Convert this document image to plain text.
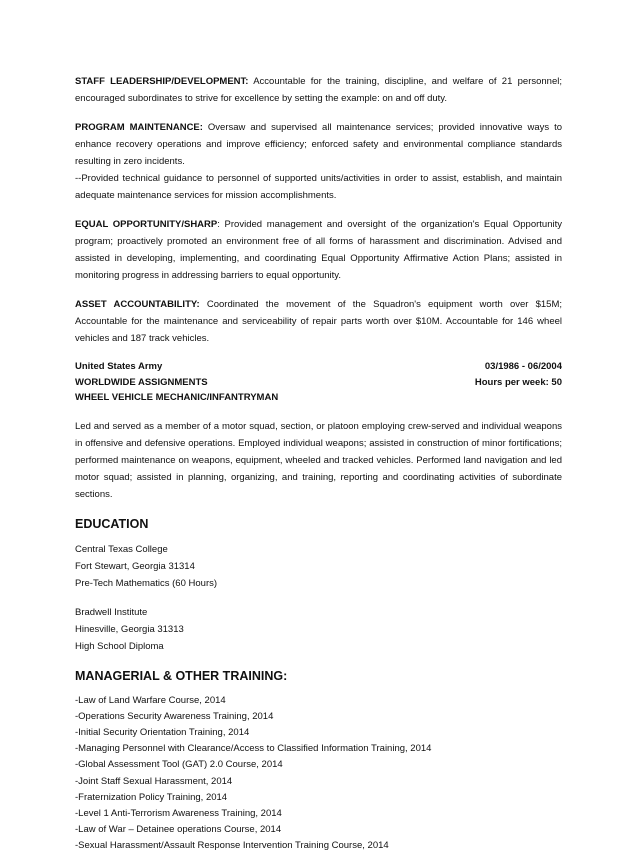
STAFF LEADERSHIP/DEVELOPMENT: Accountable for the training, discipline, and welfare of 21 personnel; encouraged subordinates to strive for excellence by setting the example: on and off duty.

PROGRAM MAINTENANCE: Oversaw and supervised all maintenance services; provided innovative ways to enhance recovery operations and improve efficiency; enforced safety and environmental compliance standards resulting in zero incidents.

--Provided technical guidance to personnel of supported units/activities in order to assist, establish, and maintain adequate maintenance services for mission accomplishments.

EQUAL OPPORTUNITY/SHARP: Provided management and oversight of the organization's Equal Opportunity program; proactively promoted an environment free of all forms of harassment and discrimination. Advised and assisted in developing, implementing, and coordinating Equal Opportunity Affirmative Action Plans; assisted in monitoring progress in addressing barriers to equal opportunity.

ASSET ACCOUNTABILITY: Coordinated the movement of the Squadron's equipment worth over $15M; Accountable for the maintenance and serviceability of repair parts worth over $10M. Accountable for 146 wheel vehicles and 187 track vehicles.

United States Army	03/1986 - 06/2004
WORLDWIDE ASSIGNMENTS	Hours per week: 50
WHEEL VEHICLE MECHANIC/INFANTRYMAN

Led and served as a member of a motor squad, section, or platoon employing crew-served and individual weapons in offensive and defensive operations. Employed individual weapons; assisted in construction of minor fortifications; performed maintenance on weapons, equipment, wheeled and tracked vehicles. Performed land navigation and led motor squad; assisted in planning, organizing, and training, reporting and coordinating activities of subordinate sections.

EDUCATION

Central Texas College

Fort Stewart, Georgia 31314

Pre-Tech Mathematics (60 Hours)

Bradwell Institute

Hinesville, Georgia 31313

High School Diploma

MANAGERIAL & OTHER TRAINING:

-Law of Land Warfare Course, 2014

-Operations Security Awareness Training, 2014

-Initial Security Orientation Training, 2014

-Managing Personnel with Clearance/Access to Classified Information Training, 2014

-Global Assessment Tool (GAT) 2.0 Course, 2014

-Joint Staff Sexual Harassment, 2014

-Fraternization Policy Training, 2014

-Level 1 Anti-Terrorism Awareness Training, 2014

-Law of War – Detainee operations Course, 2014

-Sexual Harassment/Assault Response Intervention Training Course, 2014
